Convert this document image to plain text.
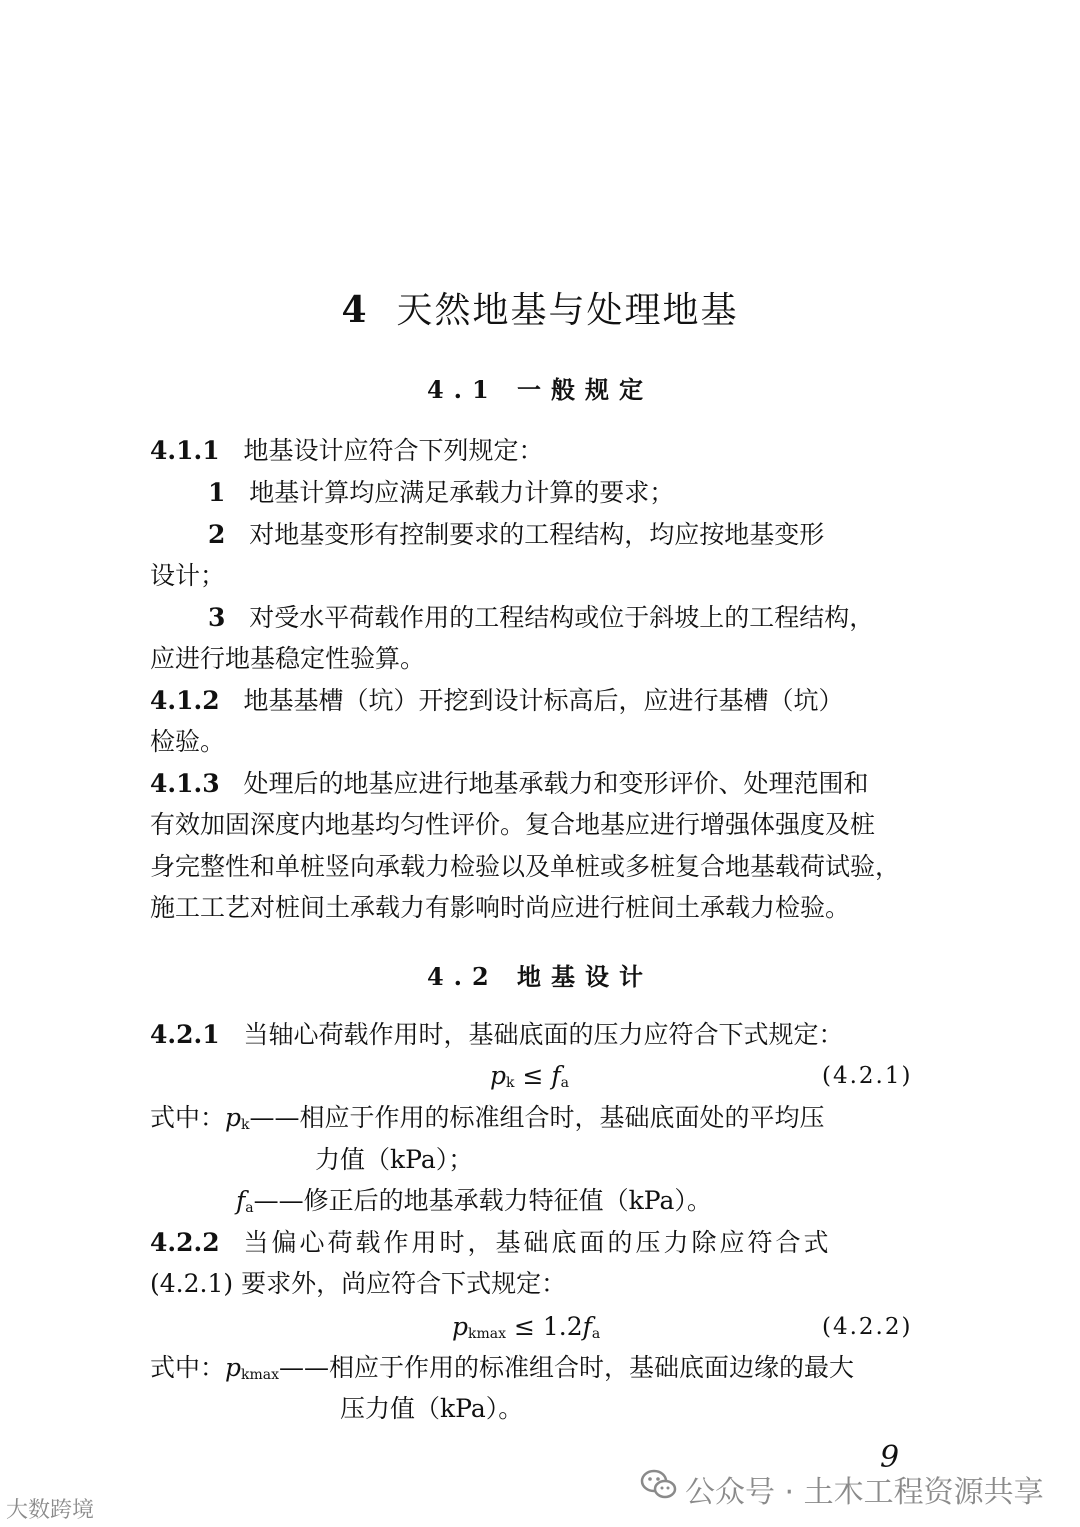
4 天然地基与处理地基
4.1 一般规定
4.1.1 地基设计应符合下列规定：
1 地基计算均应满足承载力计算的要求；
2 对地基变形有控制要求的工程结构，均应按地基变形
设计；
3 对受水平荷载作用的工程结构或位于斜坡上的工程结构，
应进行地基稳定性验算。
4.1.2 地基基槽（坑）开挖到设计标高后，应进行基槽（坑）
检验。
4.1.3 处理后的地基应进行地基承载力和变形评价、处理范围和
有效加固深度内地基均匀性评价。复合地基应进行增强体强度及桩
身完整性和单桩竖向承载力检验以及单桩或多桩复合地基载荷试验，
施工工艺对桩间土承载力有影响时尚应进行桩间土承载力检验。
4.2 地基设计
4.2.1 当轴心荷载作用时，基础底面的压力应符合下式规定：
$p_k \le f_a$	(4.2.1)
式中：$p_k——$相应于作用的标准组合时，基础底面处的平均压
力值（kPa）；
$f_a——$修正后的地基承载力特征值（kPa）。
4.2.2 当偏心荷载作用时，基础底面的压力除应符合式
(4.2.1) 要求外，尚应符合下式规定：
$p_{kmax} \le 1.2f_a$	(4.2.2)
式中：$p_{kmax}——$相应于作用的标准组合时，基础底面边缘的最大
压力值（kPa）。
9
公众号 · 土木工程资源共享
大数跨境
